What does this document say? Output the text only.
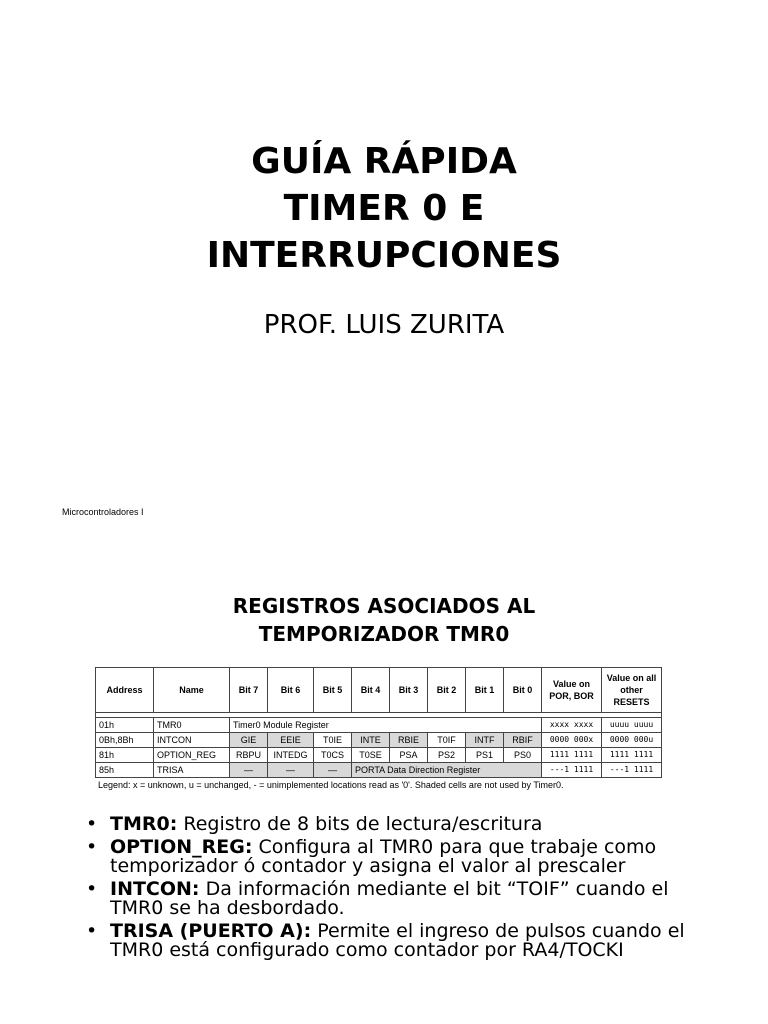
GUÍA RÁPIDA
TIMER 0 E
INTERRUPCIONES
PROF. LUIS ZURITA
Microcontroladores I
REGISTROS ASOCIADOS AL
TEMPORIZADOR TMR0
Address	Name	Bit 7	Bit 6	Bit 5	Bit 4	Bit 3	Bit 2	Bit 1	Bit 0	Value on POR, BOR	Value on all other RESETS

01h	TMR0	Timer0 Module Register								xxxx xxxx	uuuu uuuu
0Bh,8Bh	INTCON	GIE	EEIE	T0IE	INTE	RBIE	T0IF	INTF	RBIF	0000 000x	0000 000u
81h	OPTION_REG	RBPU	INTEDG	T0CS	T0SE	PSA	PS2	PS1	PS0	1111 1111	1111 1111
85h	TRISA	—	—	—	PORTA Data Direction Register					---1 1111	---1 1111
Legend: x = unknown, u = unchanged, - = unimplemented locations read as '0'. Shaded cells are not used by Timer0.
• TMR0: Registro de 8 bits de lectura/escritura
• OPTION_REG: Configura al TMR0 para que trabaje como temporizador ó contador y asigna el valor al prescaler
• INTCON: Da información mediante el bit “TOIF” cuando el TMR0 se ha desbordado.
• TRISA (PUERTO A): Permite el ingreso de pulsos cuando el TMR0 está configurado como contador por RA4/TOCKI
